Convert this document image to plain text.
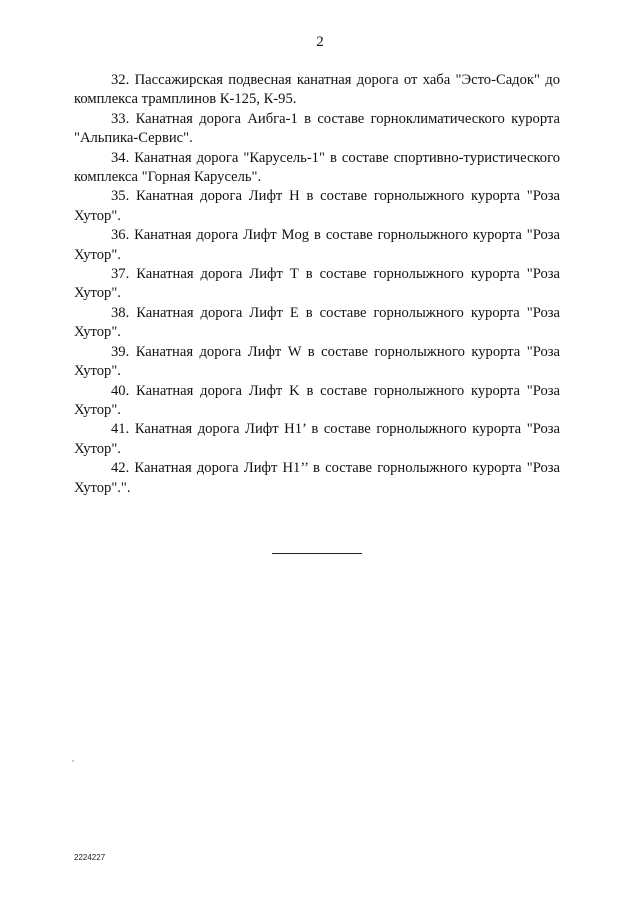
2

32. Пассажирская подвесная канатная дорога от хаба "Эсто-Садок" до комплекса трамплинов К-125, К-95.

33. Канатная дорога Аибга-1 в составе горноклиматического курорта "Альпика-Сервис".

34. Канатная дорога "Карусель-1" в составе спортивно-туристического комплекса "Горная Карусель".

35. Канатная дорога Лифт Н в составе горнолыжного курорта "Роза Хутор".

36. Канатная дорога Лифт Mog в составе горнолыжного курорта "Роза Хутор".

37. Канатная дорога Лифт Т в составе горнолыжного курорта "Роза Хутор".

38. Канатная дорога Лифт Е в составе горнолыжного курорта "Роза Хутор".

39. Канатная дорога Лифт W в составе горнолыжного курорта "Роза Хутор".

40. Канатная дорога Лифт K в составе горнолыжного курорта "Роза Хутор".

41. Канатная дорога Лифт Н1’ в составе горнолыжного курорта "Роза Хутор".

42. Канатная дорога Лифт Н1’’ в составе горнолыжного курорта "Роза Хутор".".

2224227
